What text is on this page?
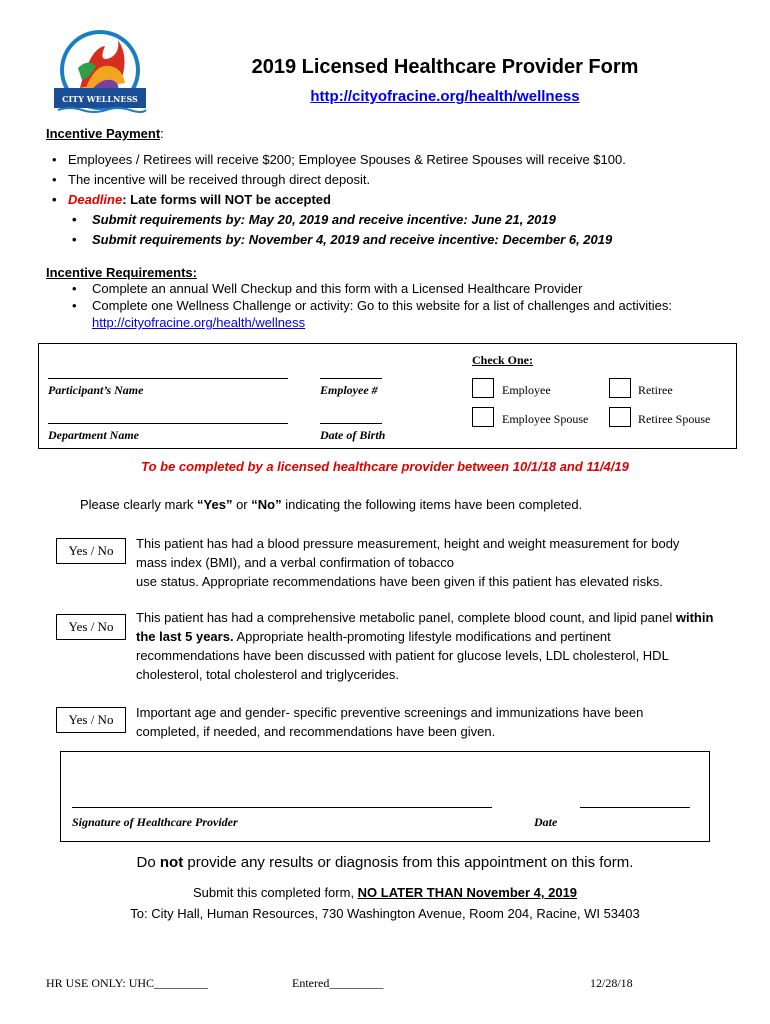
CITY WELLNESS
2019 Licensed Healthcare Provider Form
http://cityofracine.org/health/wellness
Incentive Payment:
• Employees / Retirees will receive $200; Employee Spouses & Retiree Spouses will receive $100.
• The incentive will be received through direct deposit.
• Deadline: Late forms will NOT be accepted
• Submit requirements by: May 20, 2019 and receive incentive: June 21, 2019
• Submit requirements by: November 4, 2019 and receive incentive: December 6, 2019
Incentive Requirements:
• Complete an annual Well Checkup and this form with a Licensed Healthcare Provider
• Complete one Wellness Challenge or activity: Go to this website for a list of challenges and activities:
http://cityofracine.org/health/wellness
Check One:
Participant’s Name	Employee #
Department Name	Date of Birth
Employee	Retiree
Employee Spouse	Retiree Spouse
To be completed by a licensed healthcare provider between 10/1/18 and 11/4/19
Please clearly mark “Yes” or “No” indicating the following items have been completed.
Yes / No	This patient has had a blood pressure measurement, height and weight measurement for body mass index (BMI), and a verbal confirmation of tobacco
use status. Appropriate recommendations have been given if this patient has elevated risks.
Yes / No
This patient has had a comprehensive metabolic panel, complete blood count, and lipid panel within the last 5 years. Appropriate health-promoting lifestyle modifications and pertinent recommendations have been discussed with patient for glucose levels, LDL cholesterol, HDL cholesterol, total cholesterol and triglycerides.
Yes / No	Important age and gender- specific preventive screenings and immunizations have been completed, if needed, and recommendations have been given.
Signature of Healthcare Provider	Date
Do not provide any results or diagnosis from this appointment on this form.
Submit this completed form, NO LATER THAN November 4, 2019
To: City Hall, Human Resources, 730 Washington Avenue, Room 204, Racine, WI 53403
HR USE ONLY: UHC_________	Entered_________	12/28/18
